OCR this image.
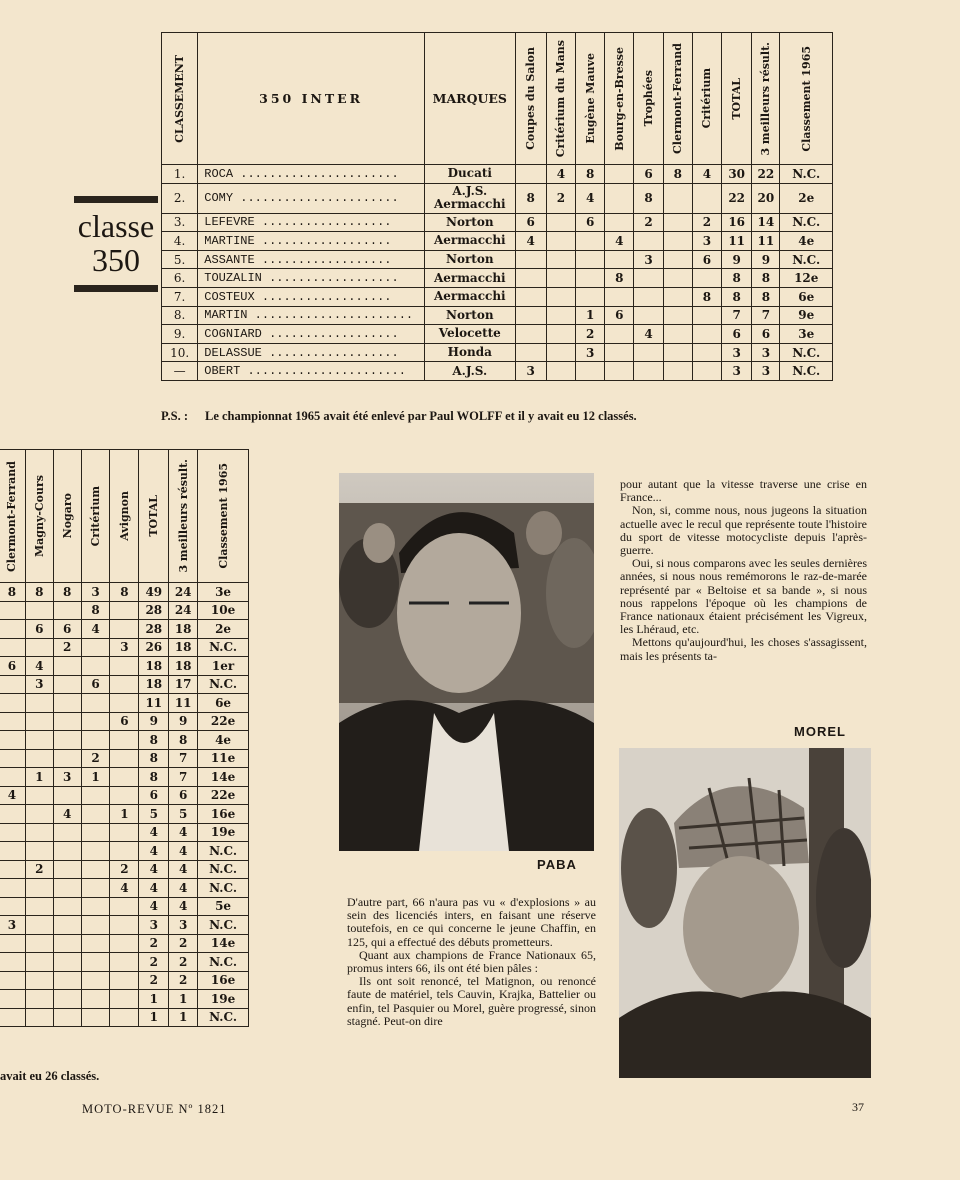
CLASSEMENT	350 INTER	MARQUES	Coupes du Salon	Critérium du Mans	Eugène Mauve	Bourg-en-Bresse	Trophées	Clermont-Ferrand	Critérium	TOTAL	3 meilleurs résult.	Classement 1965

1.	ROCA ......................	Ducati		4	8		6	8	4	30	22	N.C.
2.	COMY ......................	A.J.S. Aermacchi	8	2	4		8			22	20	2e
3.	LEFEVRE ..................	Norton	6		6		2		2	16	14	N.C.
4.	MARTINE ..................	Aermacchi	4			4			3	11	11	4e
5.	ASSANTE ..................	Norton					3		6	9	9	N.C.
6.	TOUZALIN ..................	Aermacchi				8				8	8	12e
7.	COSTEUX ..................	Aermacchi							8	8	8	6e
8.	MARTIN ......................	Norton			1	6				7	7	9e
9.	COGNIARD ..................	Velocette			2		4			6	6	3e
10.	DELASSUE ..................	Honda			3					3	3	N.C.
—	OBERT ......................	A.J.S.	3							3	3	N.C.
classe
350
P.S. :	Le championnat 1965 avait été enlevé par Paul WOLFF et il y avait eu 12 classés.
Clermont-Ferrand	Magny-Cours	Nogaro	Critérium	Avignon	TOTAL	3 meilleurs résult.	Classement 1965

8	8	8	3	8	49	24	3e
			8		28	24	10e
	6	6	4		28	18	2e
		2		3	26	18	N.C.
6	4				18	18	1er
	3		6		18	17	N.C.
					11	11	6e
				6	9	9	22e
					8	8	4e
			2		8	7	11e
	1	3	1		8	7	14e
4					6	6	22e
		4		1	5	5	16e
					4	4	19e
					4	4	N.C.
	2			2	4	4	N.C.
				4	4	4	N.C.
					4	4	5e
3					3	3	N.C.
					2	2	14e
					2	2	N.C.
					2	2	16e
					1	1	19e
					1	1	N.C.
avait eu 26 classés.
PABA
MOREL

pour autant que la vitesse traverse une crise en France...

Non, si, comme nous, nous jugeons la situation actuelle avec le recul que représente toute l'histoire du sport de vitesse motocycliste depuis l'après-guerre.

Oui, si nous comparons avec les seules dernières années, si nous nous remémorons le raz-de-marée représenté par « Beltoise et sa bande », si nous nous rappelons l'époque où les champions de France nationaux étaient précisément les Vigreux, les Lhéraud, etc.

Mettons qu'aujourd'hui, les choses s'assagissent, mais les présents ta-

D'autre part, 66 n'aura pas vu « d'explosions » au sein des licenciés inters, en faisant une réserve toutefois, en ce qui concerne le jeune Chaffin, en 125, qui a effectué des débuts prometteurs.

Quant aux champions de France Nationaux 65, promus inters 66, ils ont été bien pâles :

Ils ont soit renoncé, tel Matignon, ou renoncé faute de matériel, tels Cauvin, Krajka, Battelier ou enfin, tel Pasquier ou Morel, guère progressé, sinon stagné. Peut-on dire

MOTO-REVUE Nº 1821	37
